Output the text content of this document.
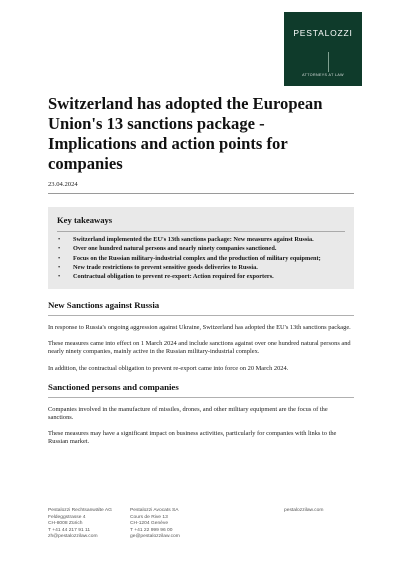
PESTALOZZI
ATTORNEYS AT LAW
Switzerland has adopted the European Union's 13 sanctions package - Implications and action points for companies
23.04.2024
Key takeaways
• Switzerland implemented the EU's 13th sanctions package: New measures against Russia.
• Over one hundred natural persons and nearly ninety companies sanctioned.
• Focus on the Russian military-industrial complex and the production of military equipment;
• New trade restrictions to prevent sensitive goods deliveries to Russia.
• Contractual obligation to prevent re-export: Action required for exporters.
New Sanctions against Russia

In response to Russia's ongoing aggression against Ukraine, Switzerland has adopted the EU's 13th sanctions package.

These measures came into effect on 1 March 2024 and include sanctions against over one hundred natural persons and nearly ninety companies, mainly active in the Russian military-industrial complex.

In addition, the contractual obligation to prevent re-export came into force on 20 March 2024.

Sanctioned persons and companies

Companies involved in the manufacture of missiles, drones, and other military equipment are the focus of the sanctions.

These measures may have a significant impact on business activities, particularly for companies with links to the Russian market.

Pestalozzi Rechtsanwälte AG
Feldeggstrasse 4
CH-8008 Zürich
T +41 44 217 91 11
zh@pestalozzilaw.com
Pestalozzi Avocats SA
Cours de Rive 13
CH-1204 Genève
T +41 22 999 96 00
ge@pestalozzilaw.com
pestalozzilaw.com
